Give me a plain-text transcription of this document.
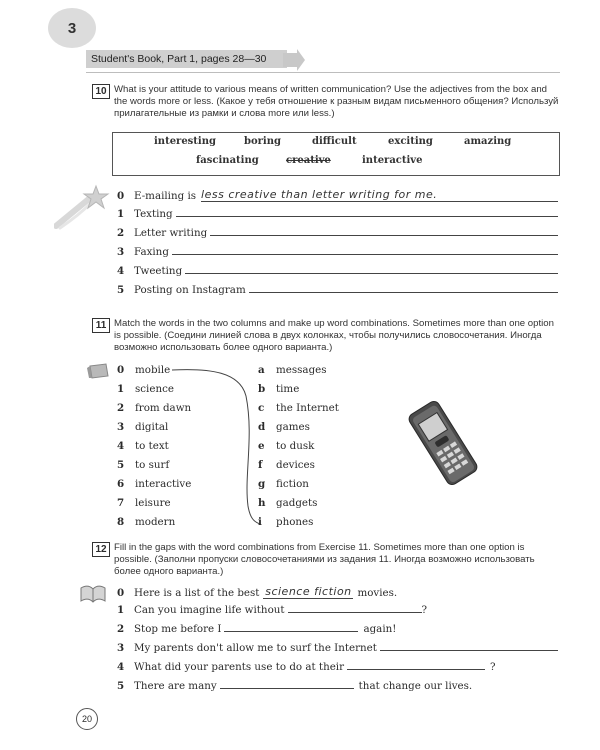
3
Student's Book, Part 1, pages 28—30
10 What is your attitude to various means of written communication? Use the adjectives from the box and the words more or less. (Какое у тебя отношение к разным видам письменного общения? Используй прилагательные из рамки и слова more или less.)
interesting	boring	difficult	exciting	amazing
fascinating	creative	interactive
0 E-mailing is less creative than letter writing for me.
1 Texting
2 Letter writing
3 Faxing
4 Tweeting
5 Posting on Instagram
11 Match the words in the two columns and make up word combinations. Sometimes more than one option is possible. (Соедини линией слова в двух колонках, чтобы получились словосочетания. Иногда возможно использовать более одного варианта.)
0 mobile
1 science
2 from dawn
3 digital
4 to text
5 to surf
6 interactive
7 leisure
8 modern
a messages
b time
c the Internet
d games
e to dusk
f devices
g fiction
h gadgets
i phones
12 Fill in the gaps with the word combinations from Exercise 11. Sometimes more than one option is possible. (Заполни пропуски словосочетаниями из задания 11. Иногда возможно использовать более одного варианта.)
0 Here is a list of the best science fiction movies.
1 Can you imagine life without	?
2 Stop me before I	again!
3 My parents don't allow me to surf the Internet
4 What did your parents use to do at their	?
5 There are many	that change our lives.
20
